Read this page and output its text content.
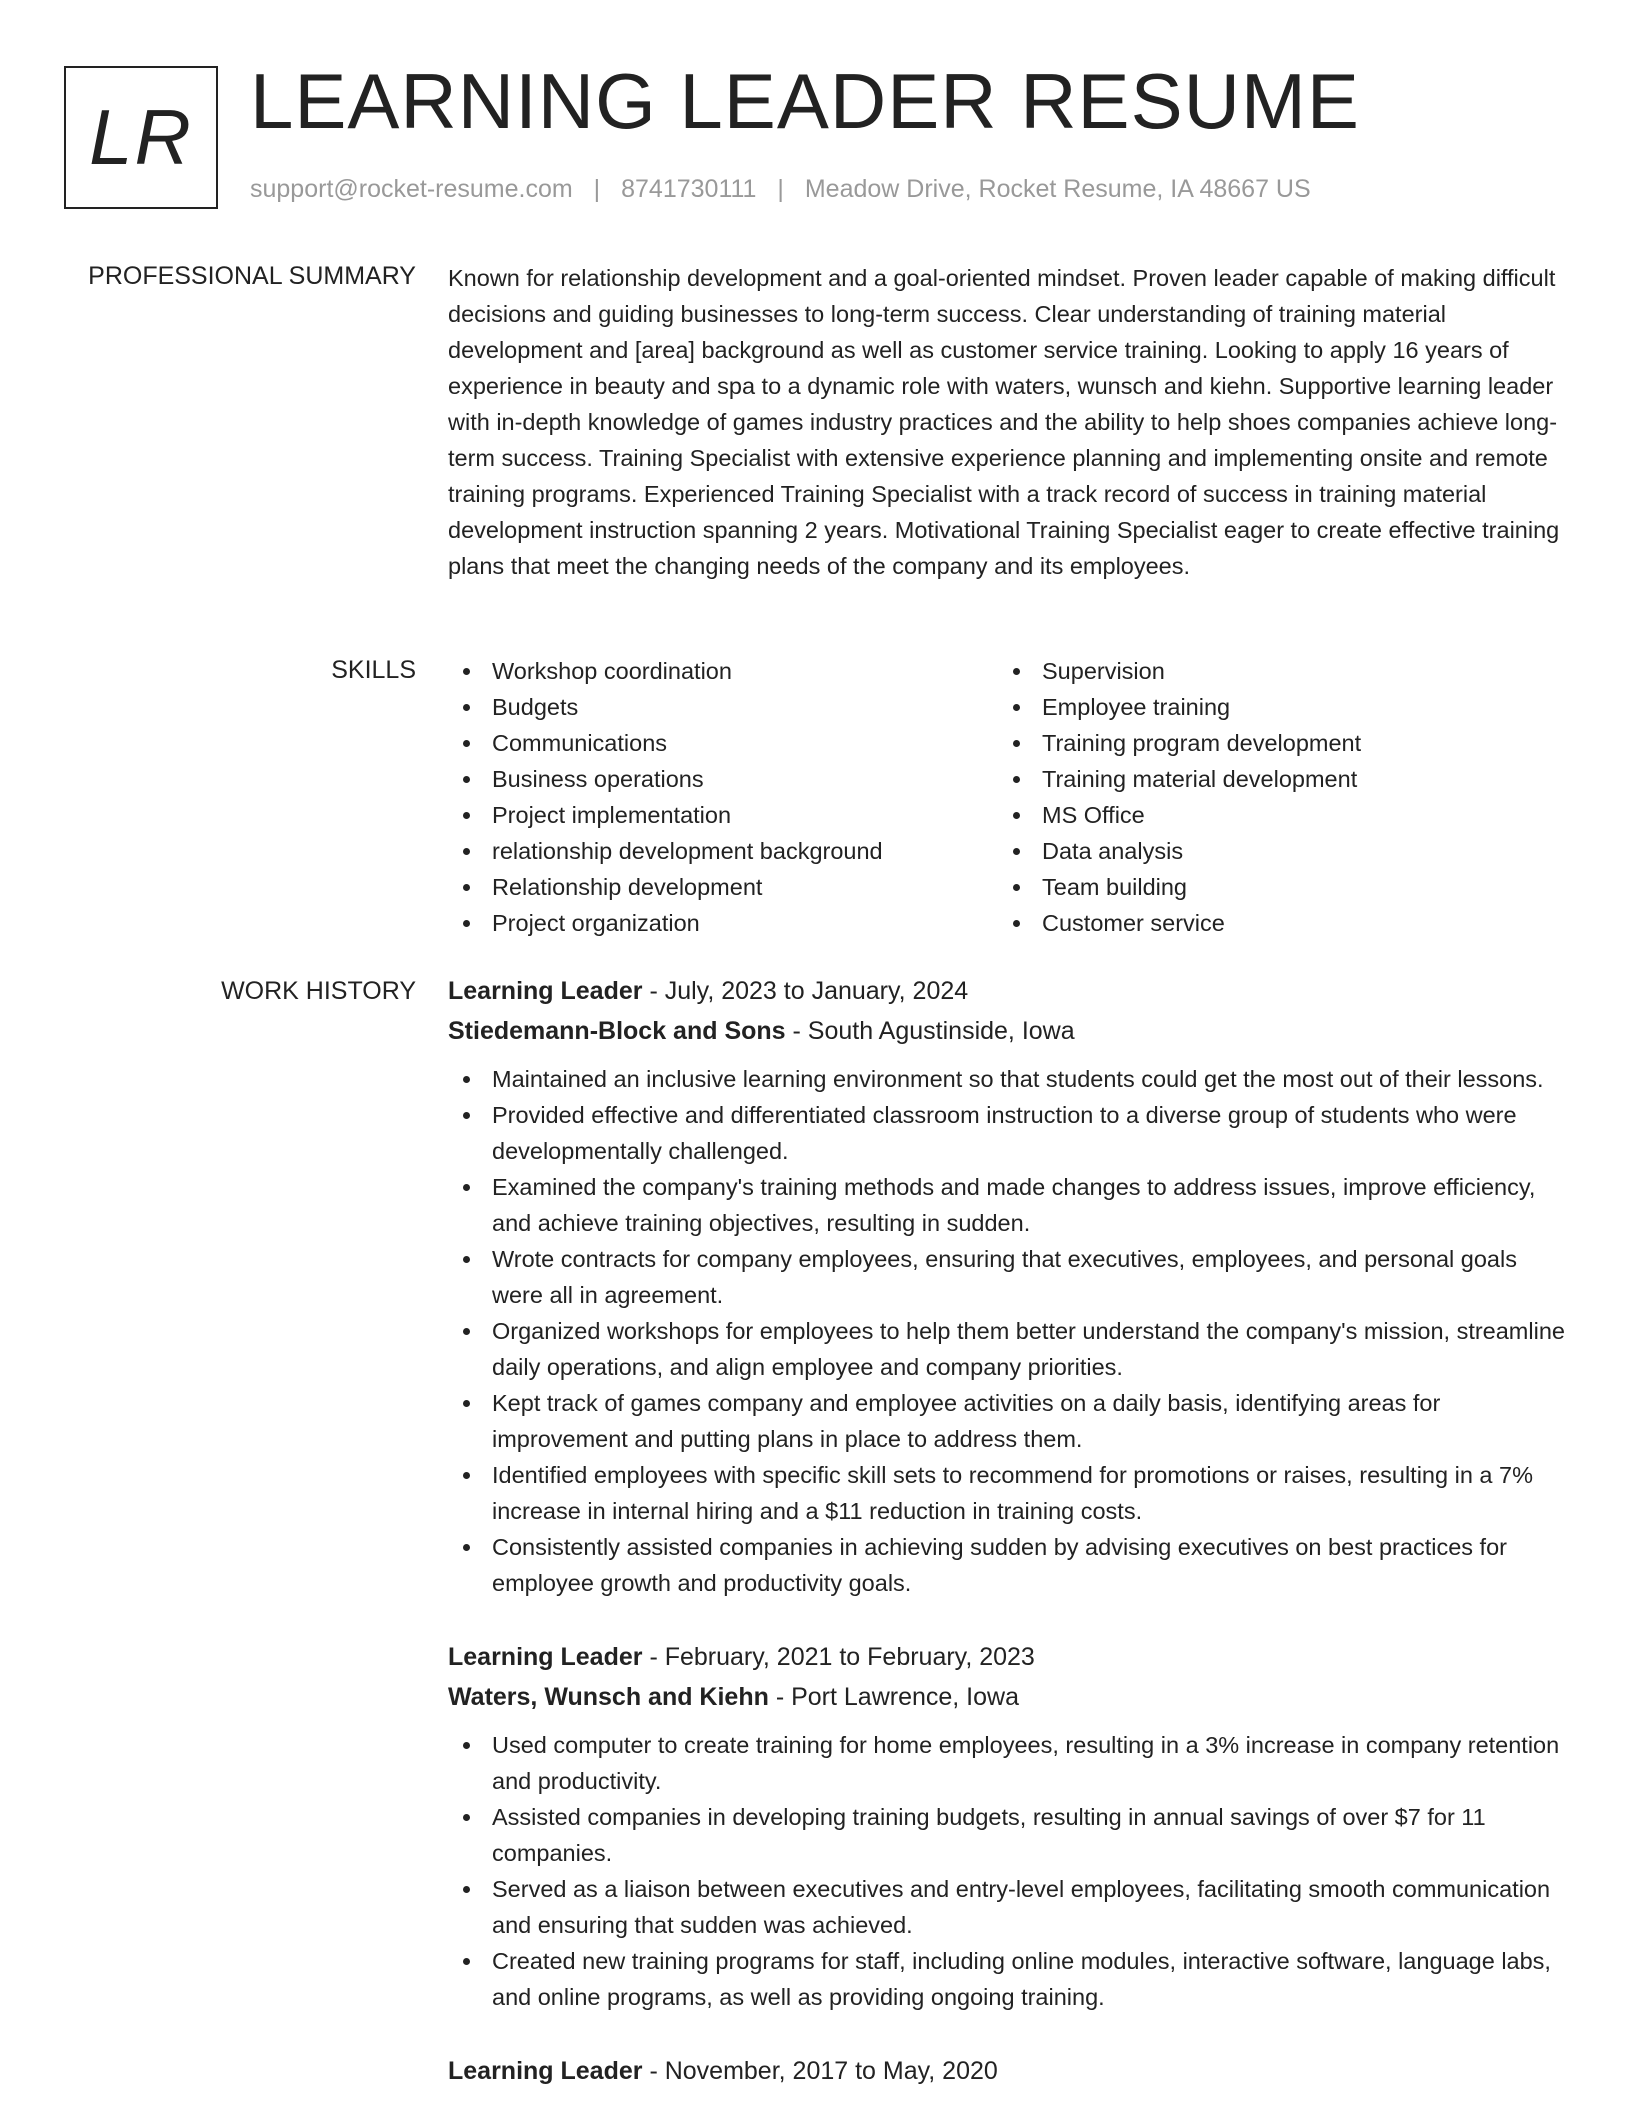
LR LEARNING LEADER RESUME
support@rocket-resume.com | 8741730111 | Meadow Drive, Rocket Resume, IA 48667 US
PROFESSIONAL SUMMARY Known for relationship development and a goal-oriented mindset. Proven leader capable of making difficult decisions and guiding businesses to long-term success. Clear understanding of training material development and [area] background as well as customer service training. Looking to apply 16 years of experience in beauty and spa to a dynamic role with waters, wunsch and kiehn. Supportive learning leader with in-depth knowledge of games industry practices and the ability to help shoes companies achieve long-term success. Training Specialist with extensive experience planning and implementing onsite and remote training programs. Experienced Training Specialist with a track record of success in training material development instruction spanning 2 years. Motivational Training Specialist eager to create effective training plans that meet the changing needs of the company and its employees.

SKILLS	Workshop coordination
Budgets
Communications
Business operations
Project implementation
relationship development background
Relationship development
Project organization
Supervision
Employee training
Training program development
Training material development
MS Office
Data analysis
Team building
Customer service
WORK HISTORY Learning Leader - July, 2023 to January, 2024
Stiedemann-Block and Sons - South Agustinside, Iowa
Maintained an inclusive learning environment so that students could get the most out of their lessons.
Provided effective and differentiated classroom instruction to a diverse group of students who were developmentally challenged.
Examined the company's training methods and made changes to address issues, improve efficiency, and achieve training objectives, resulting in sudden.
Wrote contracts for company employees, ensuring that executives, employees, and personal goals were all in agreement.
Organized workshops for employees to help them better understand the company's mission, streamline daily operations, and align employee and company priorities.
Kept track of games company and employee activities on a daily basis, identifying areas for improvement and putting plans in place to address them.
Identified employees with specific skill sets to recommend for promotions or raises, resulting in a 7% increase in internal hiring and a $11 reduction in training costs.
Consistently assisted companies in achieving sudden by advising executives on best practices for employee growth and productivity goals.
Learning Leader - February, 2021 to February, 2023
Waters, Wunsch and Kiehn - Port Lawrence, Iowa
Used computer to create training for home employees, resulting in a 3% increase in company retention and productivity.
Assisted companies in developing training budgets, resulting in annual savings of over $7 for 11 companies.
Served as a liaison between executives and entry-level employees, facilitating smooth communication and ensuring that sudden was achieved.
Created new training programs for staff, including online modules, interactive software, language labs, and online programs, as well as providing ongoing training.
Learning Leader - November, 2017 to May, 2020
